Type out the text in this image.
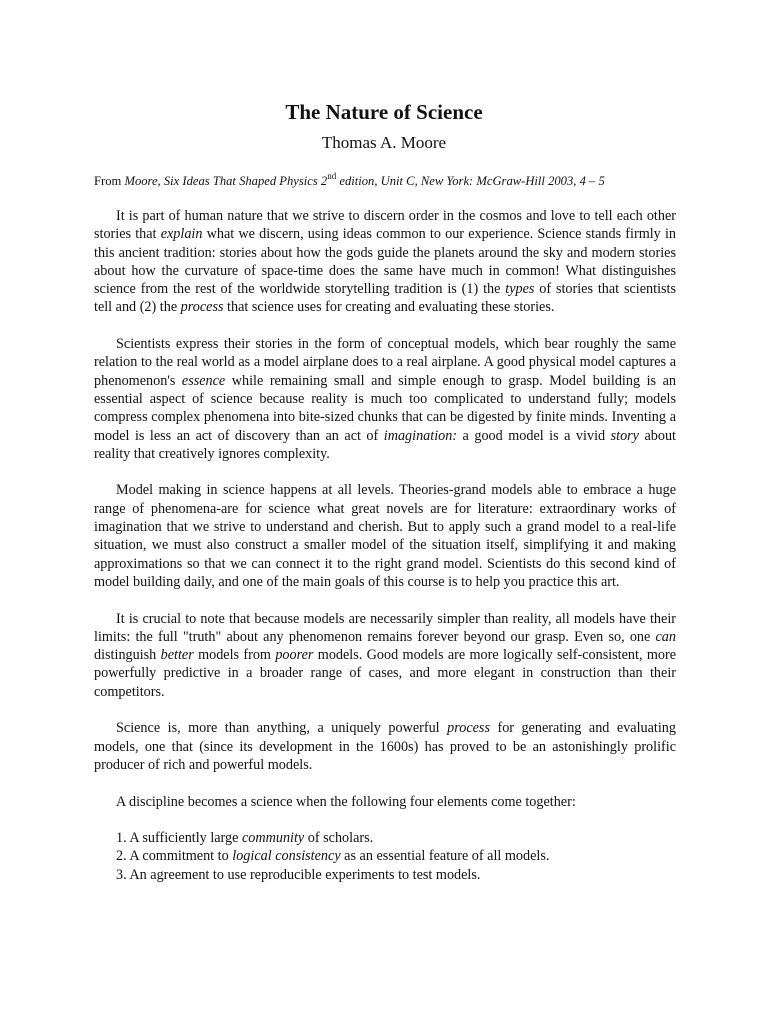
The Nature of Science
Thomas A. Moore
From Moore, Six Ideas That Shaped Physics 2nd edition, Unit C, New York: McGraw-Hill 2003, 4 – 5

It is part of human nature that we strive to discern order in the cosmos and love to tell each other stories that explain what we discern, using ideas common to our experience. Science stands firmly in this ancient tradition: stories about how the gods guide the planets around the sky and modern stories about how the curvature of space-time does the same have much in common! What distinguishes science from the rest of the worldwide storytelling tradition is (1) the types of stories that scientists tell and (2) the process that science uses for creating and evaluating these stories.

Scientists express their stories in the form of conceptual models, which bear roughly the same relation to the real world as a model airplane does to a real airplane. A good physical model captures a phenomenon's essence while remaining small and simple enough to grasp. Model building is an essential aspect of science because reality is much too complicated to understand fully; models compress complex phenomena into bite-sized chunks that can be digested by finite minds. Inventing a model is less an act of discovery than an act of imagination: a good model is a vivid story about reality that creatively ignores complexity.

Model making in science happens at all levels. Theories-grand models able to embrace a huge range of phenomena-are for science what great novels are for literature: extraordinary works of imagination that we strive to understand and cherish. But to apply such a grand model to a real-life situation, we must also construct a smaller model of the situation itself, simplifying it and making approximations so that we can connect it to the right grand model. Scientists do this second kind of model building daily, and one of the main goals of this course is to help you practice this art.

It is crucial to note that because models are necessarily simpler than reality, all models have their limits: the full "truth" about any phenomenon remains forever beyond our grasp. Even so, one can distinguish better models from poorer models. Good models are more logically self-consistent, more powerfully predictive in a broader range of cases, and more elegant in construction than their competitors.

Science is, more than anything, a uniquely powerful process for generating and evaluating models, one that (since its development in the 1600s) has proved to be an astonishingly prolific producer of rich and powerful models.

A discipline becomes a science when the following four elements come together:

1. A sufficiently large community of scholars.
2. A commitment to logical consistency as an essential feature of all models.
3. An agreement to use reproducible experiments to test models.
